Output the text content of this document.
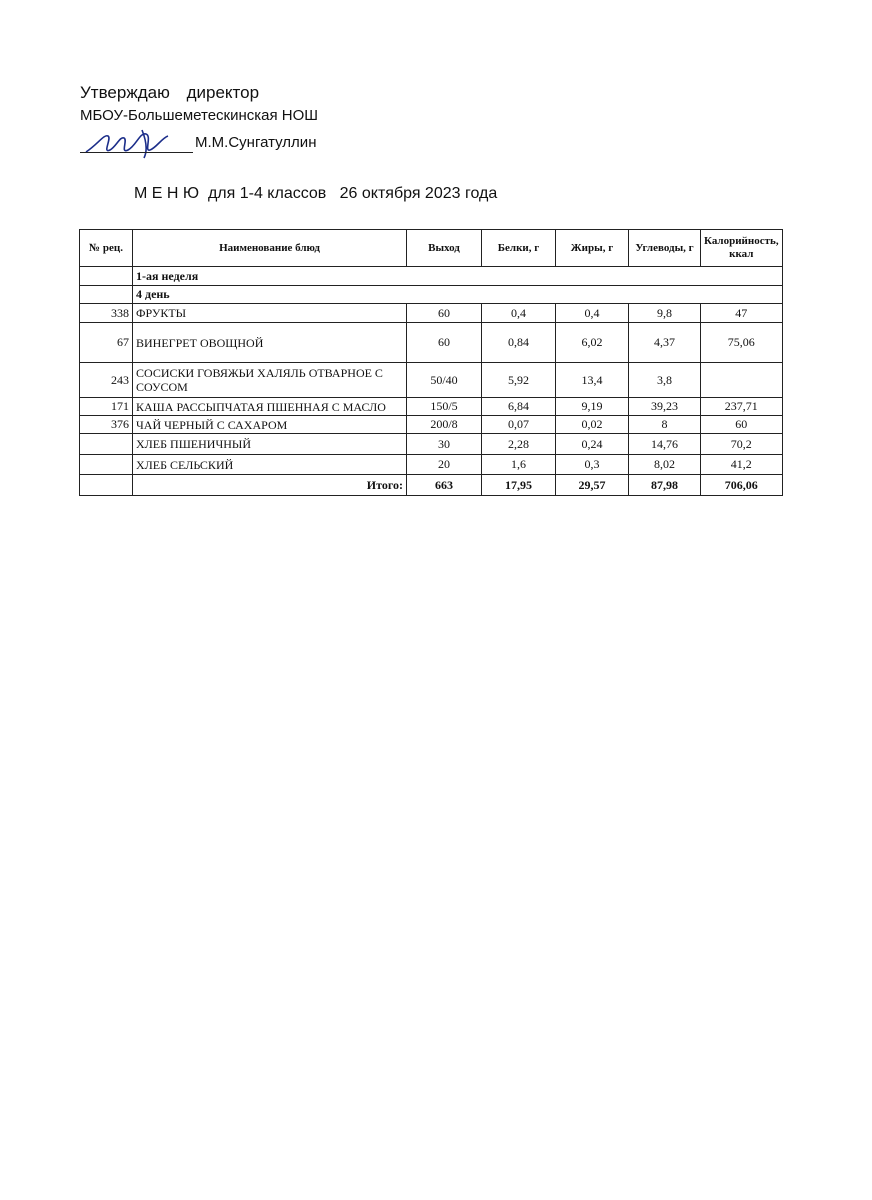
Утверждаю директор
МБОУ-Большеметескинская НОШ
М.М.Сунгатуллин
М Е Н Ю  для 1-4 классов   26 октября 2023 года
№ рец.	Наименование блюд	Выход	Белки, г	Жиры, г	Углеводы, г	Калорийность, ккал
	1-ая неделя					
	4 день					
338	ФРУКТЫ	60	0,4	0,4	9,8	47
67	ВИНЕГРЕТ ОВОЩНОЙ	60	0,84	6,02	4,37	75,06
243	СОСИСКИ ГОВЯЖЬИ ХАЛЯЛЬ ОТВАРНОЕ С СОУСОМ	50/40	5,92	13,4	3,8	
171	КАША РАССЫПЧАТАЯ ПШЕННАЯ С МАСЛО	150/5	6,84	9,19	39,23	237,71
376	ЧАЙ ЧЕРНЫЙ С САХАРОМ	200/8	0,07	0,02	8	60
	ХЛЕБ ПШЕНИЧНЫЙ	30	2,28	0,24	14,76	70,2
	ХЛЕБ СЕЛЬСКИЙ	20	1,6	0,3	8,02	41,2
	Итого:	663	17,95	29,57	87,98	706,06
